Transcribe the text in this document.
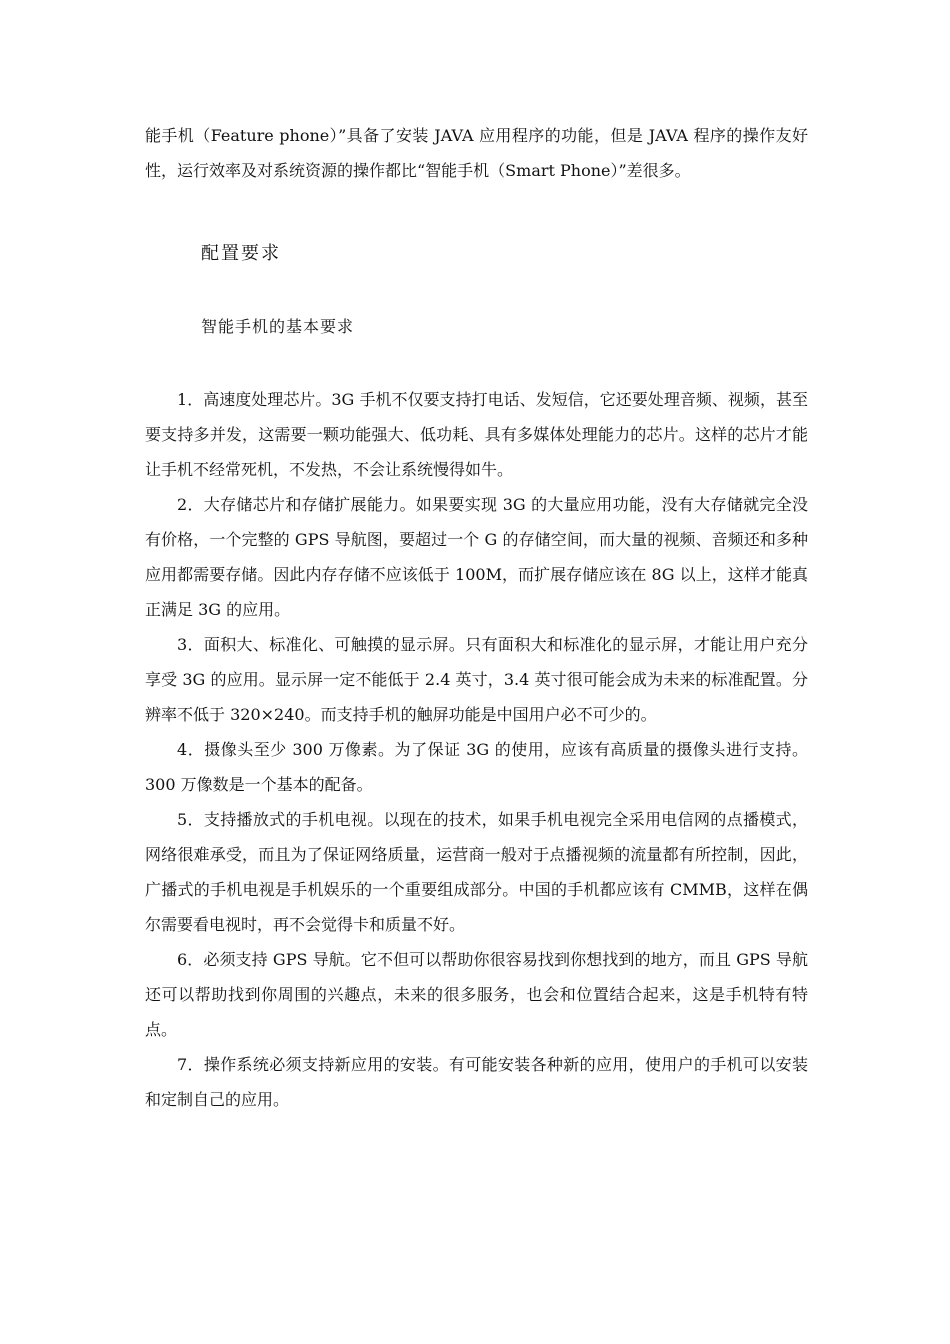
能手机（Feature phone）”具备了安装 JAVA 应用程序的功能，但是 JAVA 程序的操作友好性，运行效率及对系统资源的操作都比“智能手机（Smart Phone）”差很多。

配置要求

智能手机的基本要求

1．高速度处理芯片。3G 手机不仅要支持打电话、发短信，它还要处理音频、视频，甚至要支持多并发，这需要一颗功能强大、低功耗、具有多媒体处理能力的芯片。这样的芯片才能让手机不经常死机，不发热，不会让系统慢得如牛。

2．大存储芯片和存储扩展能力。如果要实现 3G 的大量应用功能，没有大存储就完全没有价格，一个完整的 GPS 导航图，要超过一个 G 的存储空间，而大量的视频、音频还和多种应用都需要存储。因此内存存储不应该低于 100M，而扩展存储应该在 8G 以上，这样才能真正满足 3G 的应用。

3．面积大、标准化、可触摸的显示屏。只有面积大和标准化的显示屏，才能让用户充分享受 3G 的应用。显示屏一定不能低于 2.4 英寸，3.4 英寸很可能会成为未来的标准配置。分辨率不低于 320×240。而支持手机的触屏功能是中国用户必不可少的。

4．摄像头至少 300 万像素。为了保证 3G 的使用，应该有高质量的摄像头进行支持。300 万像数是一个基本的配备。

5．支持播放式的手机电视。以现在的技术，如果手机电视完全采用电信网的点播模式，网络很难承受，而且为了保证网络质量，运营商一般对于点播视频的流量都有所控制，因此，广播式的手机电视是手机娱乐的一个重要组成部分。中国的手机都应该有 CMMB，这样在偶尔需要看电视时，再不会觉得卡和质量不好。

6．必须支持 GPS 导航。它不但可以帮助你很容易找到你想找到的地方，而且 GPS 导航还可以帮助找到你周围的兴趣点，未来的很多服务，也会和位置结合起来，这是手机特有特点。

7．操作系统必须支持新应用的安装。有可能安装各种新的应用，使用户的手机可以安装和定制自己的应用。
